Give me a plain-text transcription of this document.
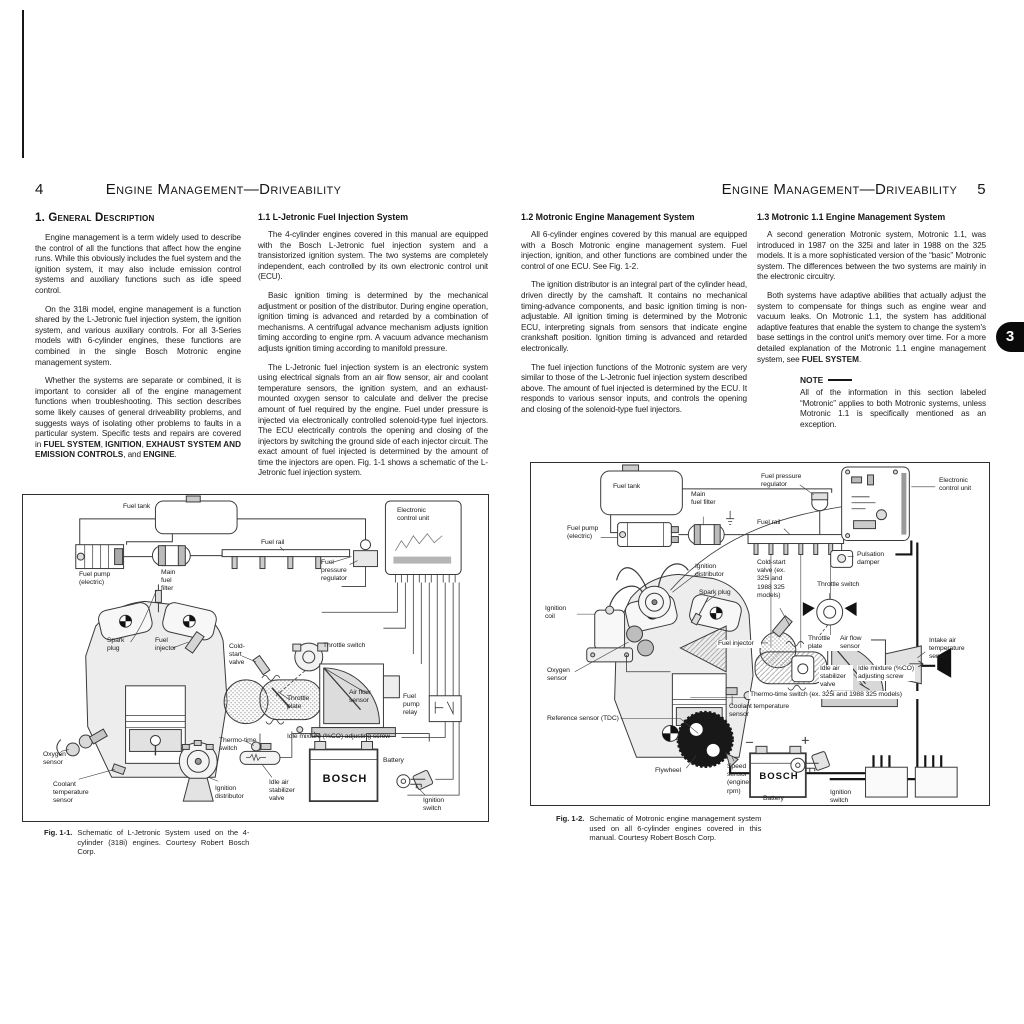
4	Engine Management—Driveability	Engine Management—Driveability 5
3
1. General Description

Engine management is a term widely used to describe the control of all the functions that affect how the engine runs. While this obviously includes the fuel system and the ignition system, it may also include emission control systems and auxiliary functions such as idle speed control.

On the 318i model, engine management is a function shared by the L-Jetronic fuel injection system, the ignition system, and various auxiliary controls. For all 3-Series models with 6-cylinder engines, these functions are combined in the single Bosch Motronic engine management system.

Whether the systems are separate or combined, it is important to consider all of the engine management functions when troubleshooting. This section describes some likely causes of general driveability problems, and suggests ways of isolating other problems to faults in a particular system. Specific tests and repairs are covered in FUEL SYSTEM, IGNITION, EXHAUST SYSTEM AND EMISSION CONTROLS, and ENGINE.

1.1 L-Jetronic Fuel Injection System

The 4-cylinder engines covered in this manual are equipped with the Bosch L-Jetronic fuel injection system and a transistorized ignition system. The two systems are completely independent, each controlled by its own electronic control unit (ECU).

Basic ignition timing is determined by the mechanical adjustment or position of the distributor. During engine operation, ignition timing is advanced and retarded by a combination of mechanisms. A centrifugal advance mechanism adjusts ignition timing according to engine rpm. A vacuum advance mechanism adjusts ignition timing according to manifold pressure.

The L-Jetronic fuel injection system is an electronic system using electrical signals from an air flow sensor, air and coolant temperature sensors, the ignition system, and an exhaust-mounted oxygen sensor to calculate and deliver the precise amount of fuel required by the engine. Fuel under pressure is injected via electronically controlled solenoid-type fuel injectors. The ECU electrically controls the opening and closing of the injectors by switching the ground side of each injector circuit. The exact amount of fuel injected is determined by the amount of time the injectors are open. Fig. 1-1 shows a schematic of the L-Jetronic fuel injection system.

1.2 Motronic Engine Management System

All 6-cylinder engines covered by this manual are equipped with a Bosch Motronic engine management system. Fuel injection, ignition, and other functions are combined under the control of one ECU. See Fig. 1-2.

The ignition distributor is an integral part of the cylinder head, driven directly by the camshaft. It contains no mechanical timing-advance components, and basic ignition timing is non-adjustable. All ignition timing is determined by the Motronic ECU, interpreting signals from sensors that indicate engine crankshaft position. Ignition timing is advanced and retarded electronically.

The fuel injection functions of the Motronic system are very similar to those of the L-Jetronic fuel injection system described above. The amount of fuel injected is determined by the ECU. It responds to various sensor inputs, and controls the opening and closing of the solenoid-type fuel injectors.

1.3 Motronic 1.1 Engine Management System

A second generation Motronic system, Motronic 1.1, was introduced in 1987 on the 325i and later in 1988 on the 325 models. It is a more sophisticated version of the “basic” Motronic system. The differences between the two systems are mainly in the electronic circuitry.

Both systems have adaptive abilities that actually adjust the system to compensate for things such as engine wear and vacuum leaks. On Motronic 1.1, the system has additional adaptive features that enable the system to change the system's base settings in the control unit's memory over time. For a more detailed explanation of the Motronic 1.1 engine management system, see FUEL SYSTEM.

NOTE

All of the information in this section labeled “Motronic” applies to both Motronic systems, unless Motronic 1.1 is specifically mentioned as an exception.

Fuel tank
Fuel pump (electric)
Main fuel filter
Fuel rail
Fuel pressure regulator
Electronic control unit
Spark plug
Fuel injector	Cold-start valve
Throttle switch
Throttle plate
Air flow sensor
Fuel pump relay
Idle mixture (%CO) adjusting screw
Thermo-time switch
Oxygen sensor
Coolant temperature sensor
Ignition distributor
Idle air stabilizer valve
Battery
BOSCH
Ignition switch
Fig. 1-1. Schematic of L-Jetronic System used on the 4-cylinder (318i) engines. Courtesy Robert Bosch Corp.
Fuel tank
Main fuel filter
Fuel pump (electric)
Fuel pressure regulator
Fuel rail
Pulsation damper
Electronic control unit
Ignition distributor
Spark plug
Cold-start valve (ex. 325i and 1988 325 models)
Throttle switch
Ignition coil
Throttle plate
Air flow sensor
Intake air temperature sensor
Oxygen sensor
Fuel injector
Idle air stabilizer valve
Idle mixture (%CO) adjusting screw
Thermo-time switch (ex. 325i and 1988 325 models)
Coolant temperature sensor
Reference sensor (TDC)
Flywheel
Speed sensor (engine rpm)
BOSCH
Battery
Ignition switch
Fig. 1-2. Schematic of Motronic engine management system used on all 6-cylinder engines covered in this manual. Courtesy Robert Bosch Corp.
